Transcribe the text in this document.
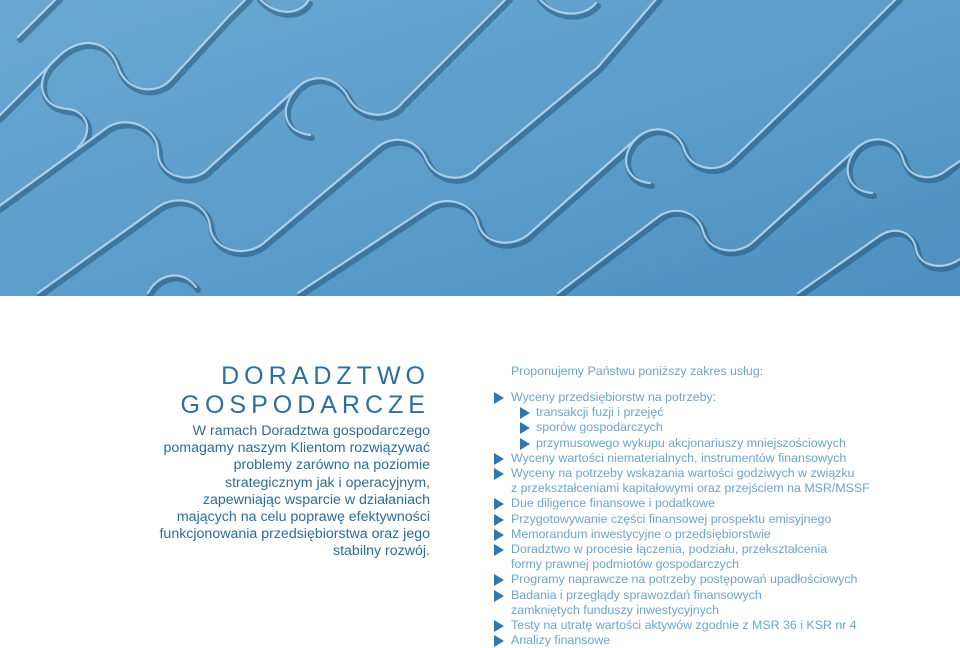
DORADZTWO
GOSPODARCZE

W ramach Doradztwa gospodarczego
pomagamy naszym Klientom rozwiązywać
problemy zarówno na poziomie
strategicznym jak i operacyjnym,
zapewniając wsparcie w działaniach
mających na celu poprawę efektywności
funkcjonowania przedsiębiorstwa oraz jego
stabilny rozwój.

Proponujemy Państwu poniższy zakres usług:

Wyceny przedsiębiorstw na potrzeby:
transakcji fuzji i przejęć
sporów gospodarczych
przymusowego wykupu akcjonariuszy mniejszościowych
Wyceny wartości niematerialnych, instrumentów finansowych
Wyceny na potrzeby wskazania wartości godziwych w związku
z przekształceniami kapitałowymi oraz przejściem na MSR/MSSF
Due diligence finansowe i podatkowe
Przygotowywanie części finansowej prospektu emisyjnego
Memorandum inwestycyjne o przedsiębiorstwie
Doradztwo w procesie łączenia, podziału, przekształcenia
formy prawnej podmiotów gospodarczych
Programy naprawcze na potrzeby postępowań upadłościowych
Badania i przeglądy sprawozdań finansowych
zamkniętych funduszy inwestycyjnych
Testy na utratę wartości aktywów zgodnie z MSR 36 i KSR nr 4
Analizy finansowe
